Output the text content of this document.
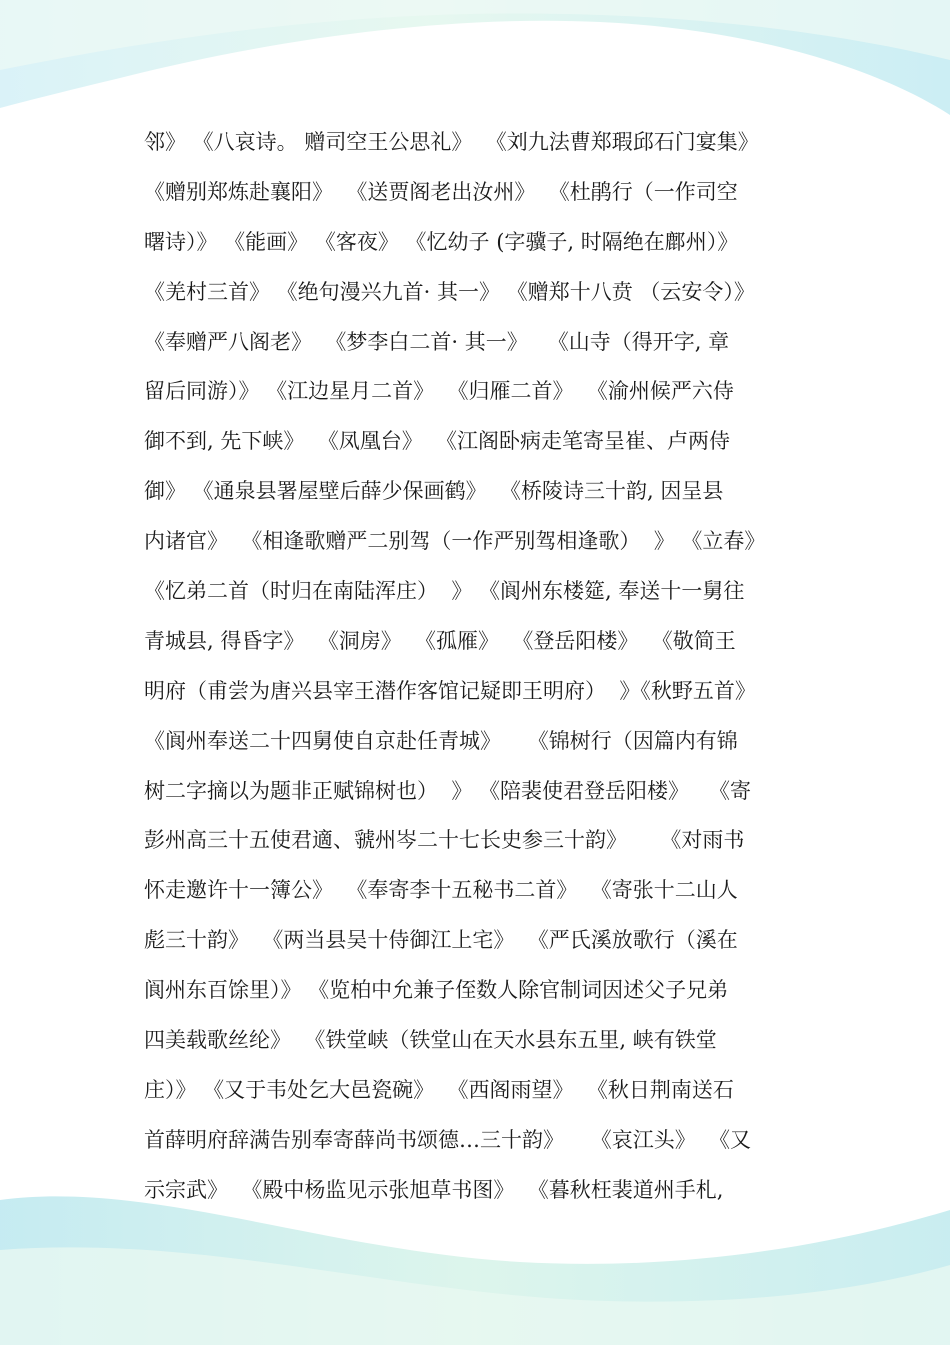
邻》 《八哀诗。 赠司空王公思礼》  《刘九法曹郑瑕邱石门宴集》
《赠别郑炼赴襄阳》  《送贾阁老出汝州》  《杜鹃行（一作司空
曙诗）》 《能画》 《客夜》 《忆幼子 (字骥子, 时隔绝在鄜州）》
《羌村三首》 《绝句漫兴九首· 其一》 《赠郑十八贲 （云安令）》
《奉赠严八阁老》  《梦李白二首· 其一》   《山寺（得开字, 章
留后同游）》 《江边星月二首》  《归雁二首》  《渝州候严六侍
御不到, 先下峡》  《凤凰台》  《江阁卧病走笔寄呈崔、卢两侍
御》 《通泉县署屋壁后薛少保画鹤》  《桥陵诗三十韵, 因呈县
内诸官》  《相逢歌赠严二别驾（一作严别驾相逢歌）  》 《立春》
《忆弟二首（时归在南陆浑庄）  》 《阆州东楼筵, 奉送十一舅往
青城县, 得昏字》  《洞房》  《孤雁》  《登岳阳楼》  《敬简王
明府（甫尝为唐兴县宰王潜作客馆记疑即王明府）  》《秋野五首》
《阆州奉送二十四舅使自京赴任青城》    《锦树行（因篇内有锦
树二字摘以为题非正赋锦树也）  》 《陪裴使君登岳阳楼》   《寄
彭州高三十五使君適、虢州岑二十七长史参三十韵》     《对雨书
怀走邀许十一簿公》  《奉寄李十五秘书二首》  《寄张十二山人
彪三十韵》  《两当县吴十侍御江上宅》  《严氏溪放歌行（溪在
阆州东百馀里）》 《览柏中允兼子侄数人除官制词因述父子兄弟
四美载歌丝纶》  《铁堂峡（铁堂山在天水县东五里, 峡有铁堂
庄）》 《又于韦处乞大邑瓷碗》  《西阁雨望》  《秋日荆南送石
首薛明府辞满告别奉寄薛尚书颂德…三十韵》    《哀江头》  《又
示宗武》  《殿中杨监见示张旭草书图》  《暮秋枉裴道州手札,
